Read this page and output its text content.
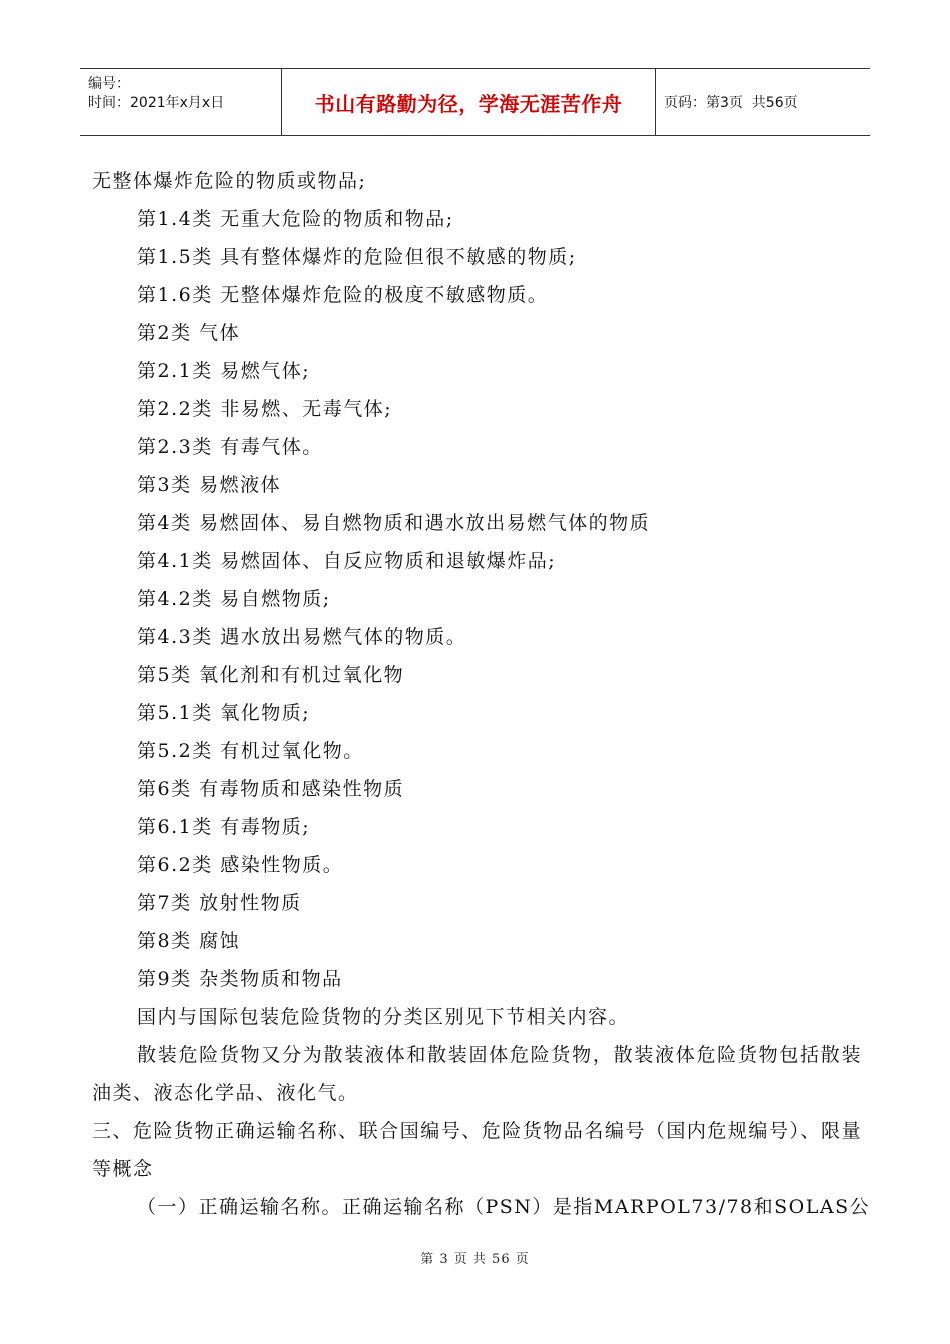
编号：
时间：2021年x月x日	书山有路勤为径，学海无涯苦作舟	页码：第3页  共56页
无整体爆炸危险的物质或物品;
第1.4类 无重大危险的物质和物品;
第1.5类 具有整体爆炸的危险但很不敏感的物质;
第1.6类 无整体爆炸危险的极度不敏感物质。
第2类 气体
第2.1类 易燃气体;
第2.2类 非易燃、无毒气体;
第2.3类 有毒气体。
第3类 易燃液体
第4类 易燃固体、易自燃物质和遇水放出易燃气体的物质
第4.1类 易燃固体、自反应物质和退敏爆炸品;
第4.2类 易自燃物质;
第4.3类 遇水放出易燃气体的物质。
第5类 氧化剂和有机过氧化物
第5.1类 氧化物质;
第5.2类 有机过氧化物。
第6类 有毒物质和感染性物质
第6.1类 有毒物质;
第6.2类 感染性物质。
第7类 放射性物质
第8类 腐蚀
第9类 杂类物质和物品
国内与国际包装危险货物的分类区别见下节相关内容。
散装危险货物又分为散装液体和散装固体危险货物，散装液体危险货物包括散装油类、液态化学品、液化气。
三、危险货物正确运输名称、联合国编号、危险货物品名编号（国内危规编号）、限量等概念
（一）正确运输名称。正确运输名称（PSN）是指MARPOL73/78和SOLAS公
第 3 页 共 56 页
